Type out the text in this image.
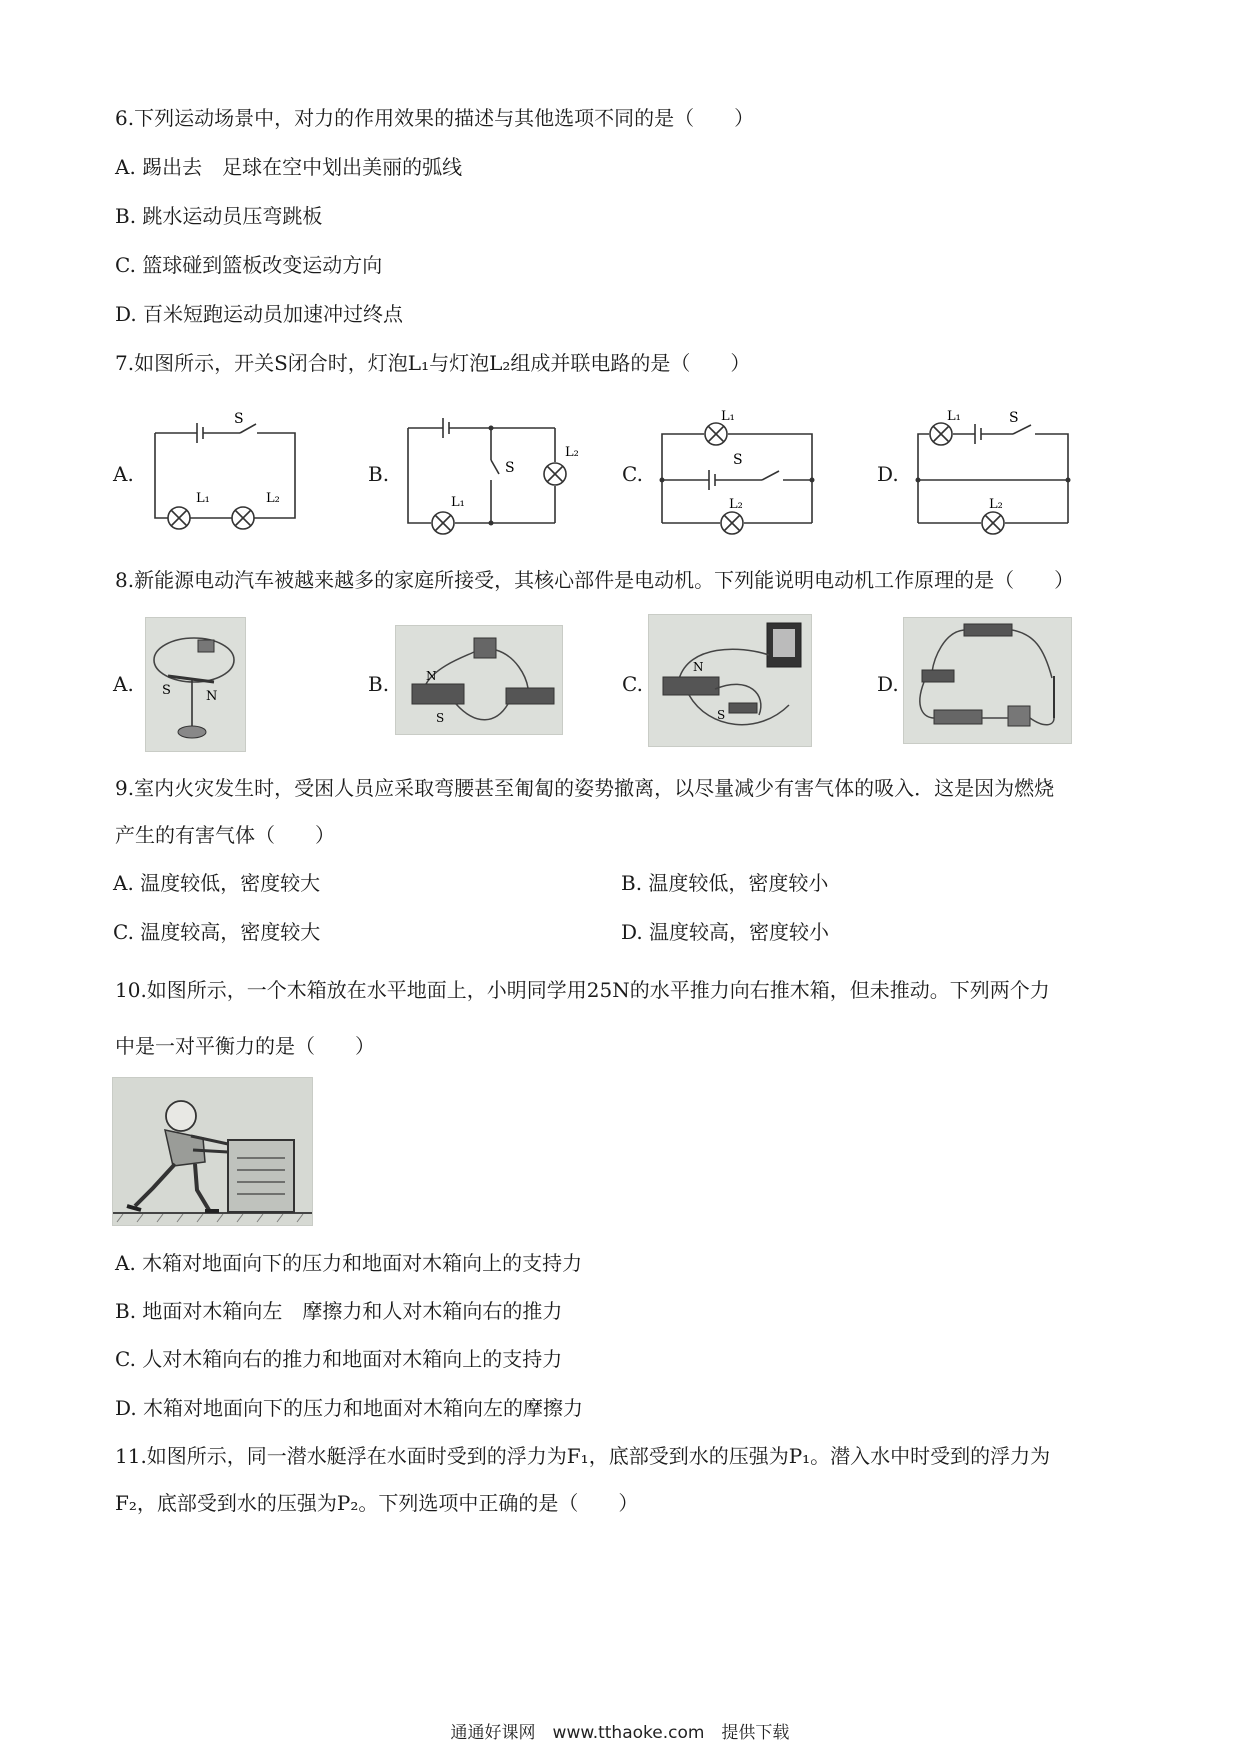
6.下列运动场景中，对力的作用效果的描述与其他选项不同的是（　　）
A. 踢出去　足球在空中划出美丽的弧线
B. 跳水运动员压弯跳板
C. 篮球碰到篮板改变运动方向
D. 百米短跑运动员加速冲过终点
7.如图所示，开关S闭合时，灯泡L₁与灯泡L₂组成并联电路的是（　　）
A.
S
L₁	L₂
B.	S
L₁
L₂
C.
S
L₁
L₂
D.
S
L₁
L₂
8.新能源电动汽车被越来越多的家庭所接受，其核心部件是电动机。下列能说明电动机工作原理的是（　　）
A. S	N
B.	N
S
C.
N
S
D.
9.室内火灾发生时，受困人员应采取弯腰甚至匍匐的姿势撤离，以尽量减少有害气体的吸入．这是因为燃烧
产生的有害气体（　　）
A. 温度较低，密度较大	B. 温度较低，密度较小
C. 温度较高，密度较大	D. 温度较高，密度较小
10.如图所示，一个木箱放在水平地面上，小明同学用25N的水平推力向右推木箱，但未推动。下列两个力
中是一对平衡力的是（　　）
A. 木箱对地面向下的压力和地面对木箱向上的支持力
B. 地面对木箱向左　摩擦力和人对木箱向右的推力
C. 人对木箱向右的推力和地面对木箱向上的支持力
D. 木箱对地面向下的压力和地面对木箱向左的摩擦力
11.如图所示，同一潜水艇浮在水面时受到的浮力为F₁，底部受到水的压强为P₁。潜入水中时受到的浮力为
F₂，底部受到水的压强为P₂。下列选项中正确的是（　　）
通通好课网　www.tthaoke.com　提供下载
